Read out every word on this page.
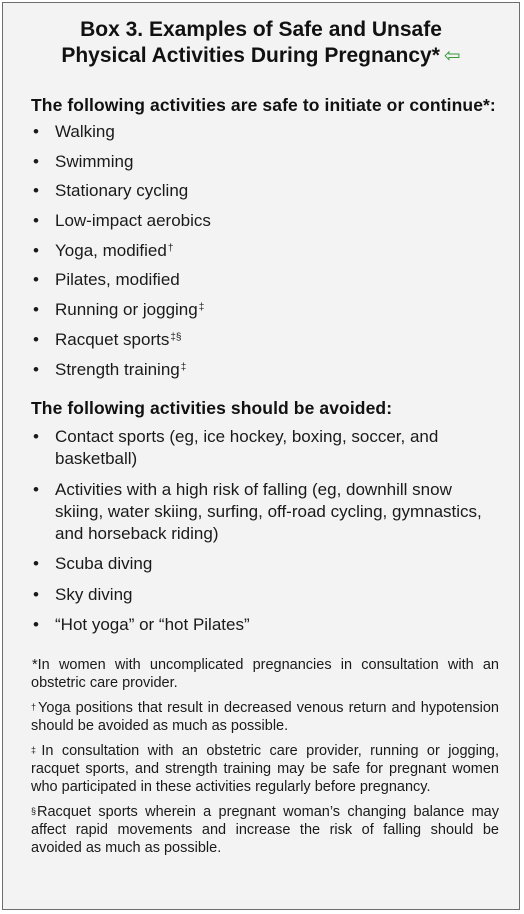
Box 3. Examples of Safe and Unsafe
Physical Activities During Pregnancy* ⇦
The following activities are safe to initiate or continue*:
• Walking
• Swimming
• Stationary cycling
• Low-impact aerobics
• Yoga, modified†
• Pilates, modified
• Running or jogging‡
• Racquet sports‡§
• Strength training‡
The following activities should be avoided:
• Contact sports (eg, ice hockey, boxing, soccer, and basketball)
• Activities with a high risk of falling (eg, downhill snow skiing, water skiing, surfing, off-road cycling, gymnastics, and horseback riding)
• Scuba diving
• Sky diving
• “Hot yoga” or “hot Pilates”

*In women with uncomplicated pregnancies in consultation with an obstetric care provider.

†Yoga positions that result in decreased venous return and hypotension should be avoided as much as possible.

‡In consultation with an obstetric care provider, running or jogging, racquet sports, and strength training may be safe for pregnant women who participated in these activities regularly before pregnancy.

§Racquet sports wherein a pregnant woman’s changing balance may affect rapid movements and increase the risk of falling should be avoided as much as possible.
